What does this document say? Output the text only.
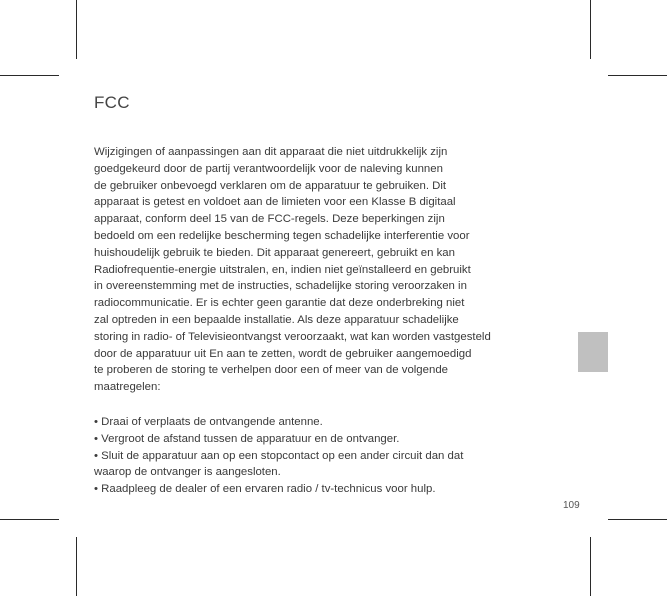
FCC
Wijzigingen of aanpassingen aan dit apparaat die niet uitdrukkelijk zijn
goedgekeurd door de partij verantwoordelijk voor de naleving kunnen
de gebruiker onbevoegd verklaren om de apparatuur te gebruiken. Dit
apparaat is getest en voldoet aan de limieten voor een Klasse B digitaal
apparaat, conform deel 15 van de FCC-regels. Deze beperkingen zijn
bedoeld om een redelijke bescherming tegen schadelijke interferentie voor
huishoudelijk gebruik te bieden. Dit apparaat genereert, gebruikt en kan
Radiofrequentie-energie uitstralen, en, indien niet geïnstalleerd en gebruikt
in overeenstemming met de instructies, schadelijke storing veroorzaken in
radiocommunicatie. Er is echter geen garantie dat deze onderbreking niet
zal optreden in een bepaalde installatie. Als deze apparatuur schadelijke
storing in radio- of Televisieontvangst veroorzaakt, wat kan worden vastgesteld
door de apparatuur uit En aan te zetten, wordt de gebruiker aangemoedigd
te proberen de storing te verhelpen door een of meer van de volgende
maatregelen:
• Draai of verplaats de ontvangende antenne.
• Vergroot de afstand tussen de apparatuur en de ontvanger.
• Sluit de apparatuur aan op een stopcontact op een ander circuit dan dat
waarop de ontvanger is aangesloten.
• Raadpleeg de dealer of een ervaren radio / tv-technicus voor hulp.
109
